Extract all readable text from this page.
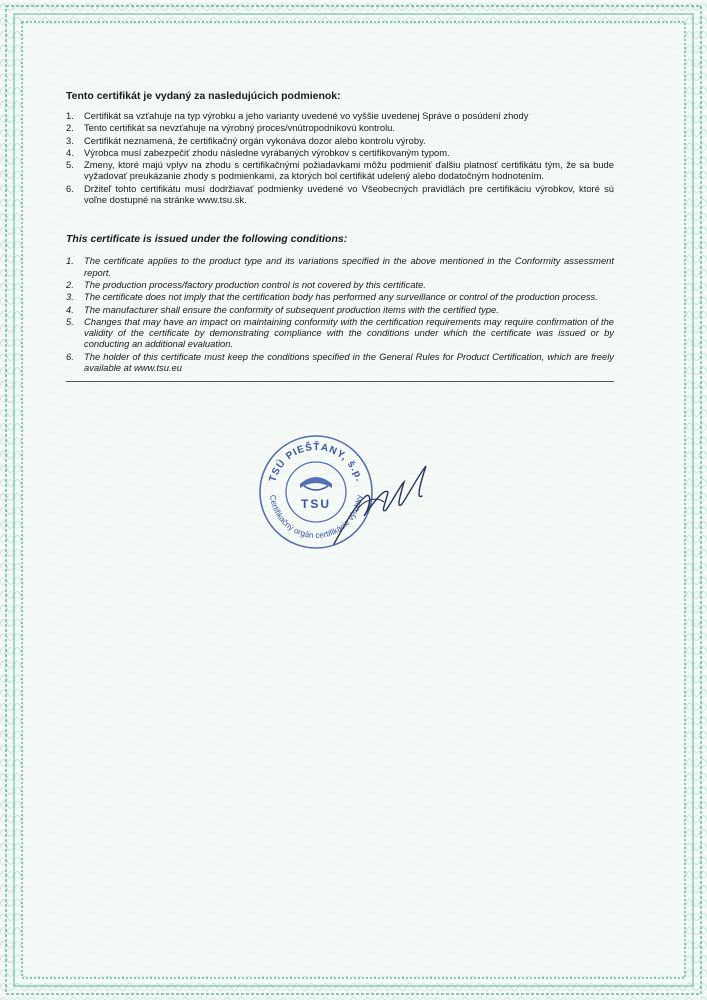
Tento certifikát je vydaný za nasledujúcich podmienok:
1.	Certifikát sa vzťahuje na typ výrobku a jeho varianty uvedené vo vyššie uvedenej Správe o posúdení zhody
2.	Tento certifikát sa nevzťahuje na výrobný proces/vnútropodnikovú kontrolu.
3.	Certifikát neznamená, že certifikačný orgán vykonáva dozor alebo kontrolu výroby.
4.	Výrobca musí zabezpečiť zhodu následne vyrábaných výrobkov s certifikovaným typom.
5.	Zmeny, ktoré majú vplyv na zhodu s certifikačnými požiadavkami môžu podmieniť ďalšiu platnosť certifikátu tým, že sa bude vyžadovať preukázanie zhody s podmienkami, za ktorých bol certifikát udelený alebo dodatočným hodnotením.
6.	Držiteľ tohto certifikátu musí dodržiavať podmienky uvedené vo Všeobecných pravidlách pre certifikáciu výrobkov, ktoré sú voľne dostupné na stránke www.tsu.sk.
This certificate is issued under the following conditions:
1.	The certificate applies to the product type and its variations specified in the above mentioned in the Conformity assessment report.
2.	The production process/factory production control is not covered by this certificate.
3.	The certificate does not imply that the certification body has performed any surveillance or control of the production process.
4.	The manufacturer shall ensure the conformity of subsequent production items with the certified type.
5.	Changes that may have an impact on maintaining conformity with the certification requirements may require confirmation of the validity of the certificate by demonstrating compliance with the conditions under which the certificate was issued or by conducting an additional evaluation.
6.	The holder of this certificate must keep the conditions specified in the General Rules for Product Certification, which are freely available at www.tsu.eu
TSÚ PIEŠŤANY, š.p.
Certifikačný orgán certifikácie výrobky
TSU
